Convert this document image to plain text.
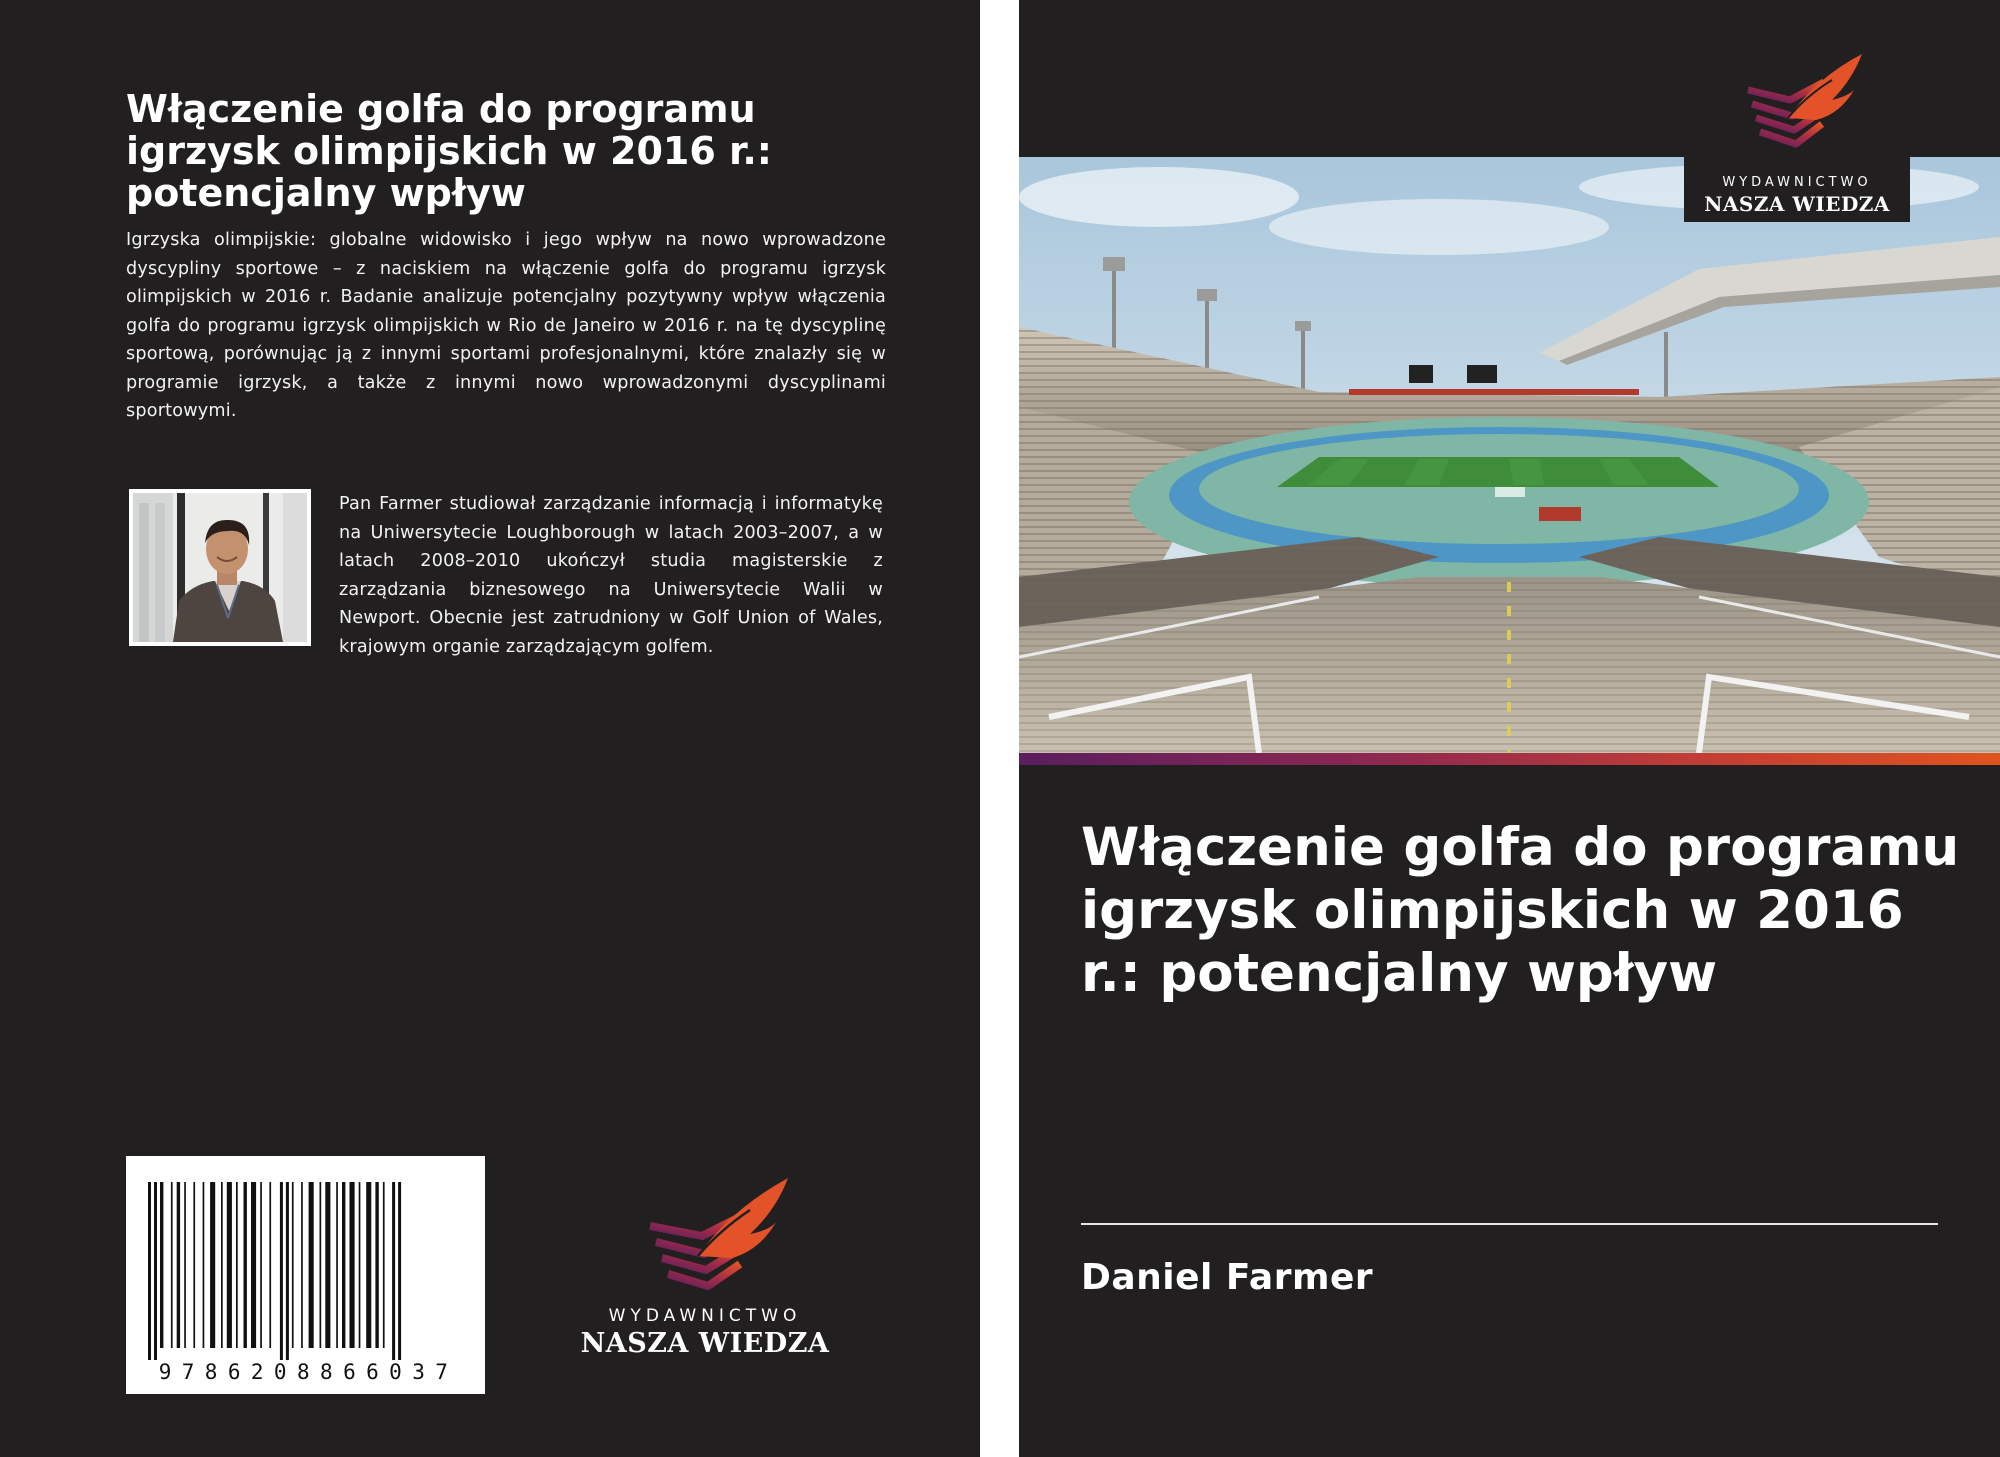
Włączenie golfa do programu igrzysk olimpijskich w 2016 r.: potencjalny wpływ
Igrzyska olimpijskie: globalne widowisko i jego wpływ na nowo wprowadzone dyscypliny sportowe – z naciskiem na włączenie golfa do programu igrzysk olimpijskich w 2016 r. Badanie analizuje potencjalny pozytywny wpływ włączenia golfa do programu igrzysk olimpijskich w Rio de Janeiro w 2016 r. na tę dyscyplinę sportową, porównując ją z innymi sportami profesjonalnymi, które znalazły się w programie igrzysk, a także z innymi nowo wprowadzonymi dyscyplinami sportowymi.
Pan Farmer studiował zarządzanie informacją i informatykę na Uniwersytecie Loughborough w latach 2003–2007, a w latach 2008–2010 ukończył studia magisterskie z zarządzania biznesowego na Uniwersytecie Walii w Newport. Obecnie jest zatrudniony w Golf Union of Wales, krajowym organie zarządzającym golfem.
9786208866037
WYDAWNICTWO
NASZA WIEDZA
WYDAWNICTWO
NASZA WIEDZA
Włączenie golfa do programu igrzysk olimpijskich w 2016 r.: potencjalny wpływ
Daniel Farmer
